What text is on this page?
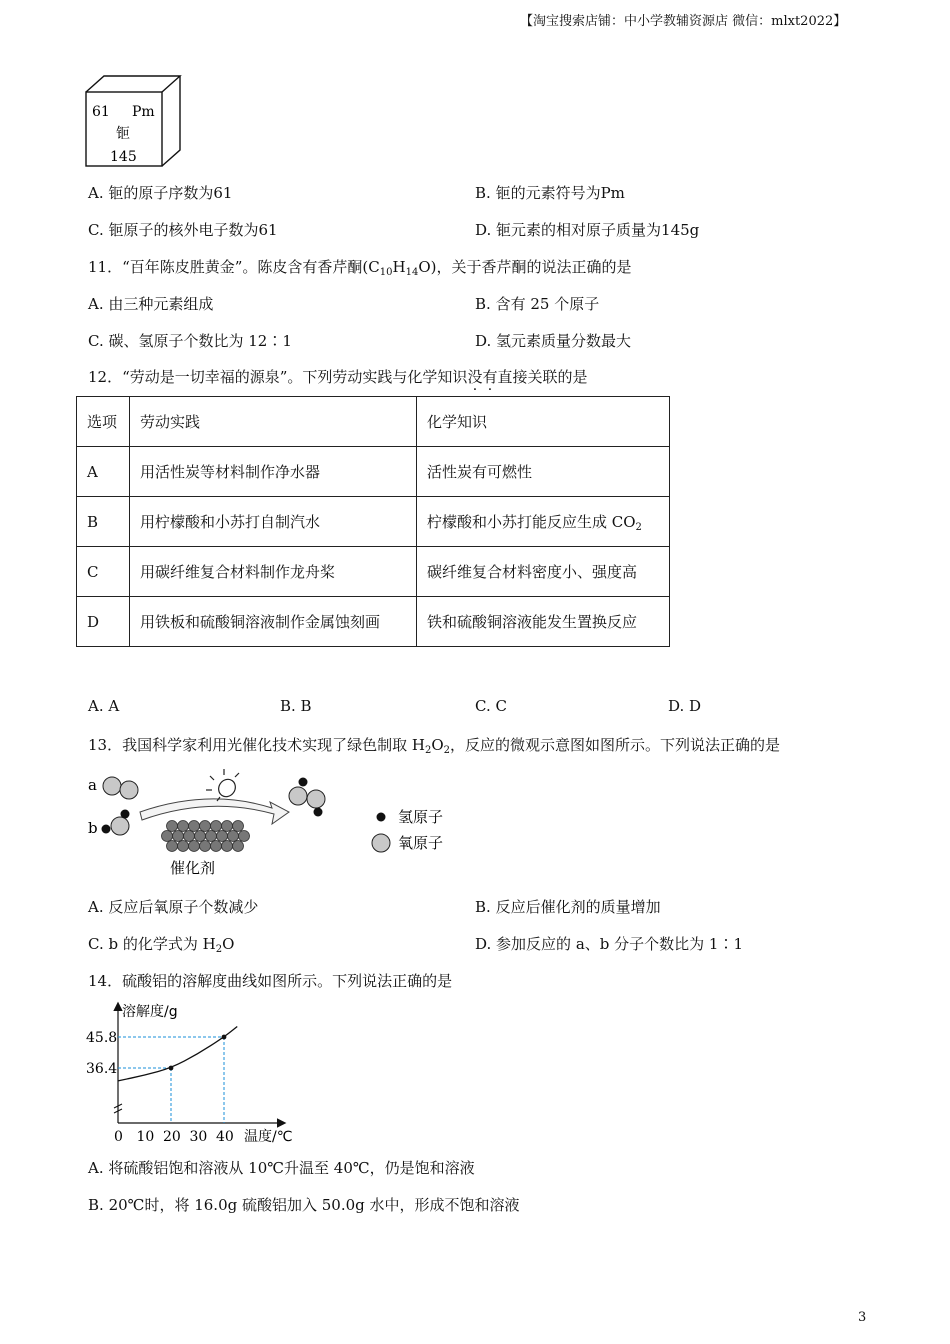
【淘宝搜索店铺：中小学教辅资源店 微信：mlxt2022】
61 Pm
钷
145
A. 钷的原子序数为61	B. 钷的元素符号为Pm
C. 钷原子的核外电子数为61	D. 钷元素的相对原子质量为145g
11．“百年陈皮胜黄金”。陈皮含有香芹酮$(C_{10}H_{14}O)$，关于香芹酮的说法正确的是
A. 由三种元素组成	B. 含有 25 个原子
C. 碳、氢原子个数比为 12∶1	D. 氢元素质量分数最大
12．“劳动是一切幸福的源泉”。下列劳动实践与化学知识没有直接关联的是
选项	劳动实践	化学知识
A	用活性炭等材料制作净水器	活性炭有可燃性
B	用柠檬酸和小苏打自制汽水	柠檬酸和小苏打能反应生成 $CO_2$
C	用碳纤维复合材料制作龙舟桨	碳纤维复合材料密度小、强度高
D	用铁板和硫酸铜溶液制作金属蚀刻画	铁和硫酸铜溶液能发生置换反应
A. A	B. B	C. C	D. D
13．我国科学家利用光催化技术实现了绿色制取 $H_2O_2$，反应的微观示意图如图所示。下列说法正确的是
a
b
催化剂
氢原子
氧原子
A. 反应后氧原子个数减少	B. 反应后催化剂的质量增加
C. b 的化学式为 $H_2O$	D. 参加反应的 a、b 分子个数比为 1∶1
14．硫酸铝的溶解度曲线如图所示。下列说法正确的是
溶解度/g
温度/℃
0 10 20 30 40
36.4
45.8
A. 将硫酸铝饱和溶液从 10℃升温至 40℃，仍是饱和溶液
B. 20℃时，将 16.0g 硫酸铝加入 50.0g 水中，形成不饱和溶液
3
